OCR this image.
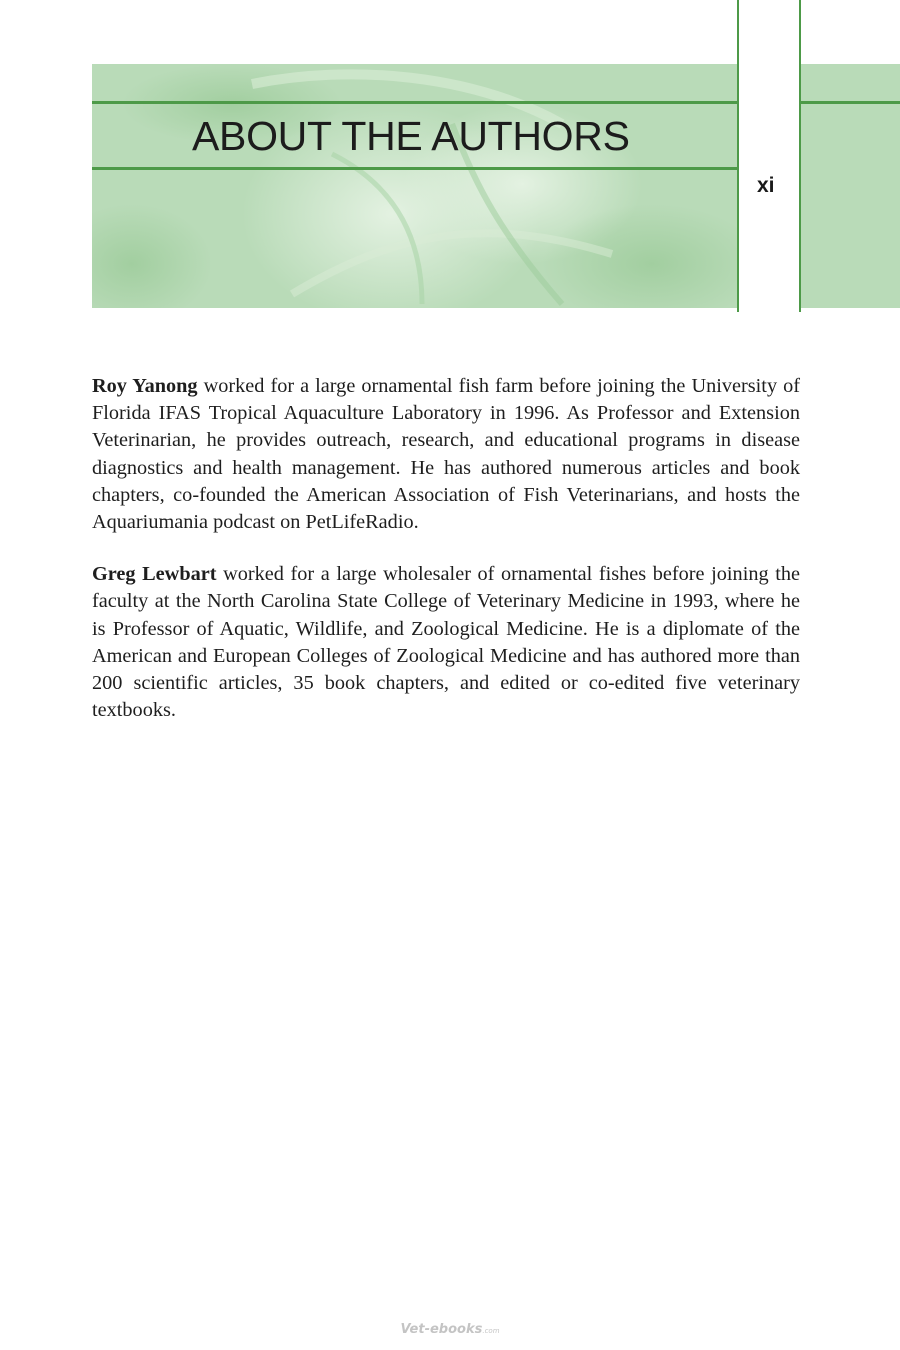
ABOUT THE AUTHORS
xi

Roy Yanong worked for a large ornamental fish farm before joining the University of Florida IFAS Tropical Aquaculture Laboratory in 1996. As Professor and Extension Veterinarian, he provides outreach, research, and educational programs in disease diagnostics and health management. He has authored numerous articles and book chapters, co-founded the American Association of Fish Veterinarians, and hosts the Aquariumania podcast on PetLifeRadio.

Greg Lewbart worked for a large wholesaler of ornamental fishes before joining the faculty at the North Carolina State College of Veterinary Medicine in 1993, where he is Professor of Aquatic, Wildlife, and Zoological Medicine. He is a diplomate of the American and European Colleges of Zoological Medicine and has authored more than 200 scientific articles, 35 book chapters, and edited or co-edited five veterinary textbooks.

Vet-ebooks.com
